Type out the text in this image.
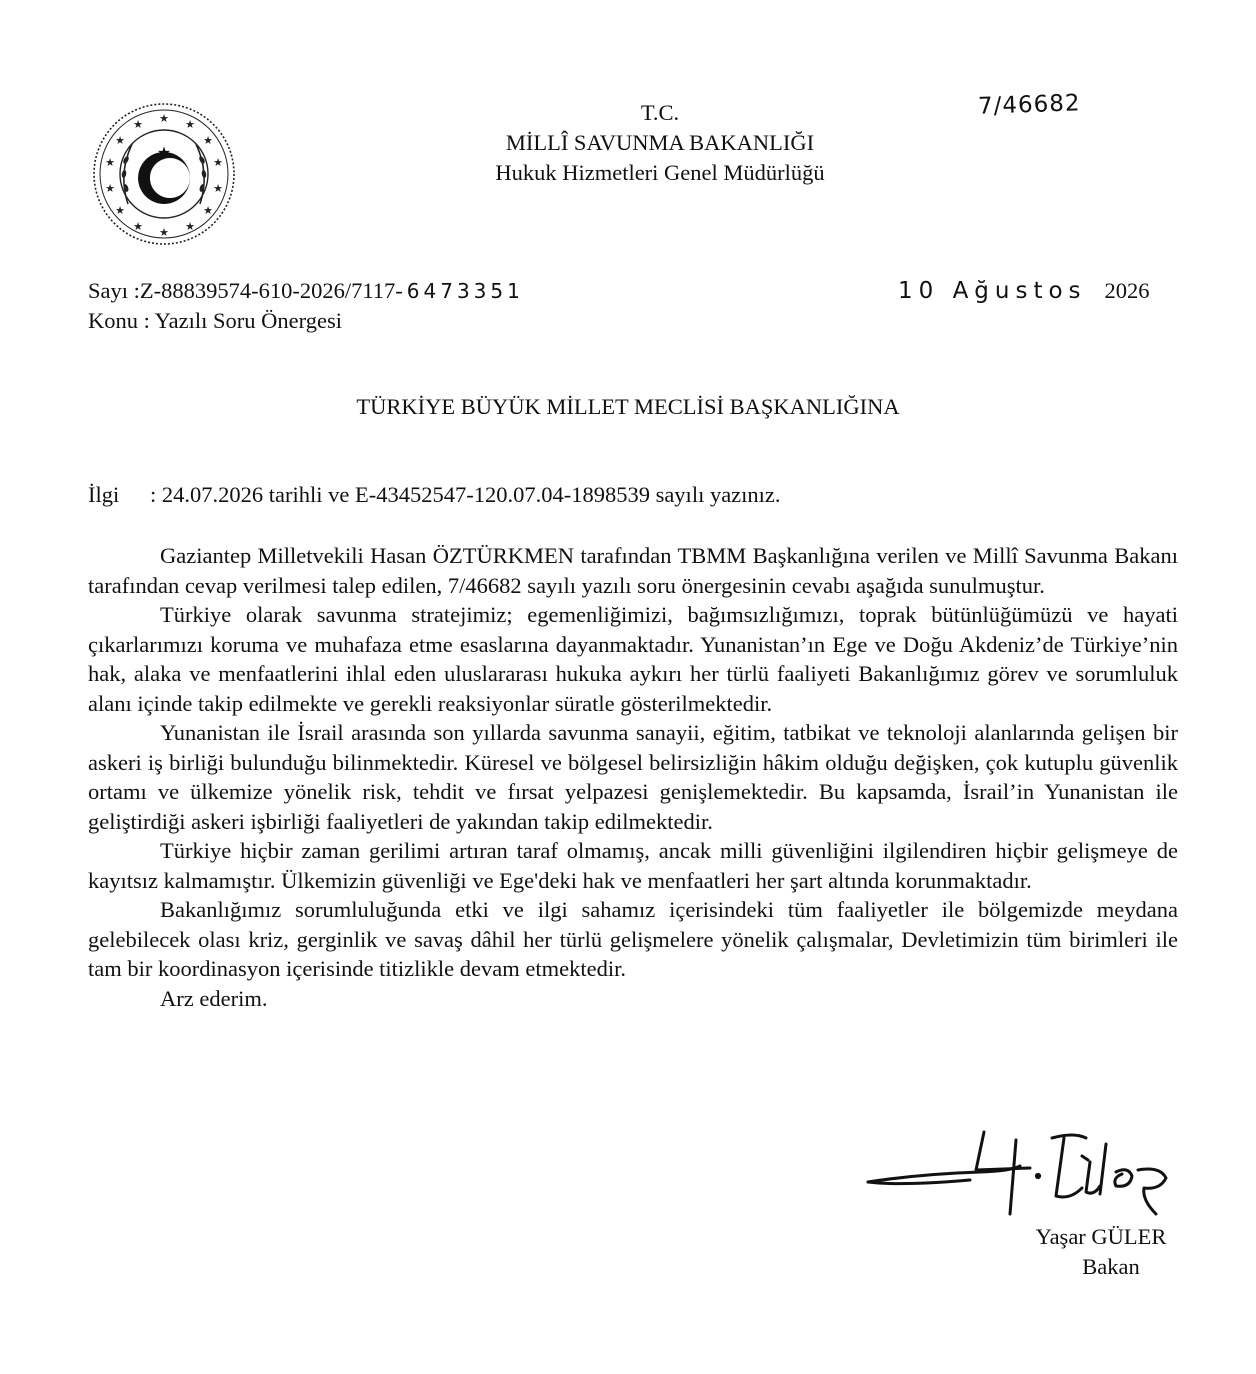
★
★	★
★	★
★	★
★	★
★	★
★	★
★
★
T.C.
MİLLÎ SAVUNMA BAKANLIĞI
Hukuk Hizmetleri Genel Müdürlüğü
7/46682
Sayı :Z-88839574-610-2026/7117- 6473351
Konu : Yazılı Soru Önergesi
10 Ağustos 2026
TÜRKİYE BÜYÜK MİLLET MECLİSİ BAŞKANLIĞINA
İlgi : 24.07.2026 tarihli ve E-43452547-120.07.04-1898539 sayılı yazınız.

Gaziantep Milletvekili Hasan ÖZTÜRKMEN tarafından TBMM Başkanlığına verilen ve Millî Savunma Bakanı tarafından cevap verilmesi talep edilen, 7/46682 sayılı yazılı soru önergesinin cevabı aşağıda sunulmuştur.

Türkiye olarak savunma stratejimiz; egemenliğimizi, bağımsızlığımızı, toprak bütünlüğümüzü ve hayati çıkarlarımızı koruma ve muhafaza etme esaslarına dayanmaktadır. Yunanistan’ın Ege ve Doğu Akdeniz’de Türkiye’nin hak, alaka ve menfaatlerini ihlal eden uluslararası hukuka aykırı her türlü faaliyeti Bakanlığımız görev ve sorumluluk alanı içinde takip edilmekte ve gerekli reaksiyonlar süratle gösterilmektedir.

Yunanistan ile İsrail arasında son yıllarda savunma sanayii, eğitim, tatbikat ve teknoloji alanlarında gelişen bir askeri iş birliği bulunduğu bilinmektedir. Küresel ve bölgesel belirsizliğin hâkim olduğu değişken, çok kutuplu güvenlik ortamı ve ülkemize yönelik risk, tehdit ve fırsat yelpazesi genişlemektedir. Bu kapsamda, İsrail’in Yunanistan ile geliştirdiği askeri işbirliği faaliyetleri de yakından takip edilmektedir.

Türkiye hiçbir zaman gerilimi artıran taraf olmamış, ancak milli güvenliğini ilgilendiren hiçbir gelişmeye de kayıtsız kalmamıştır. Ülkemizin güvenliği ve Ege'deki hak ve menfaatleri her şart altında korunmaktadır.

Bakanlığımız sorumluluğunda etki ve ilgi sahamız içerisindeki tüm faaliyetler ile bölgemizde meydana gelebilecek olası kriz, gerginlik ve savaş dâhil her türlü gelişmelere yönelik çalışmalar, Devletimizin tüm birimleri ile tam bir koordinasyon içerisinde titizlikle devam etmektedir.

Arz ederim.

Yaşar GÜLER
Bakan
